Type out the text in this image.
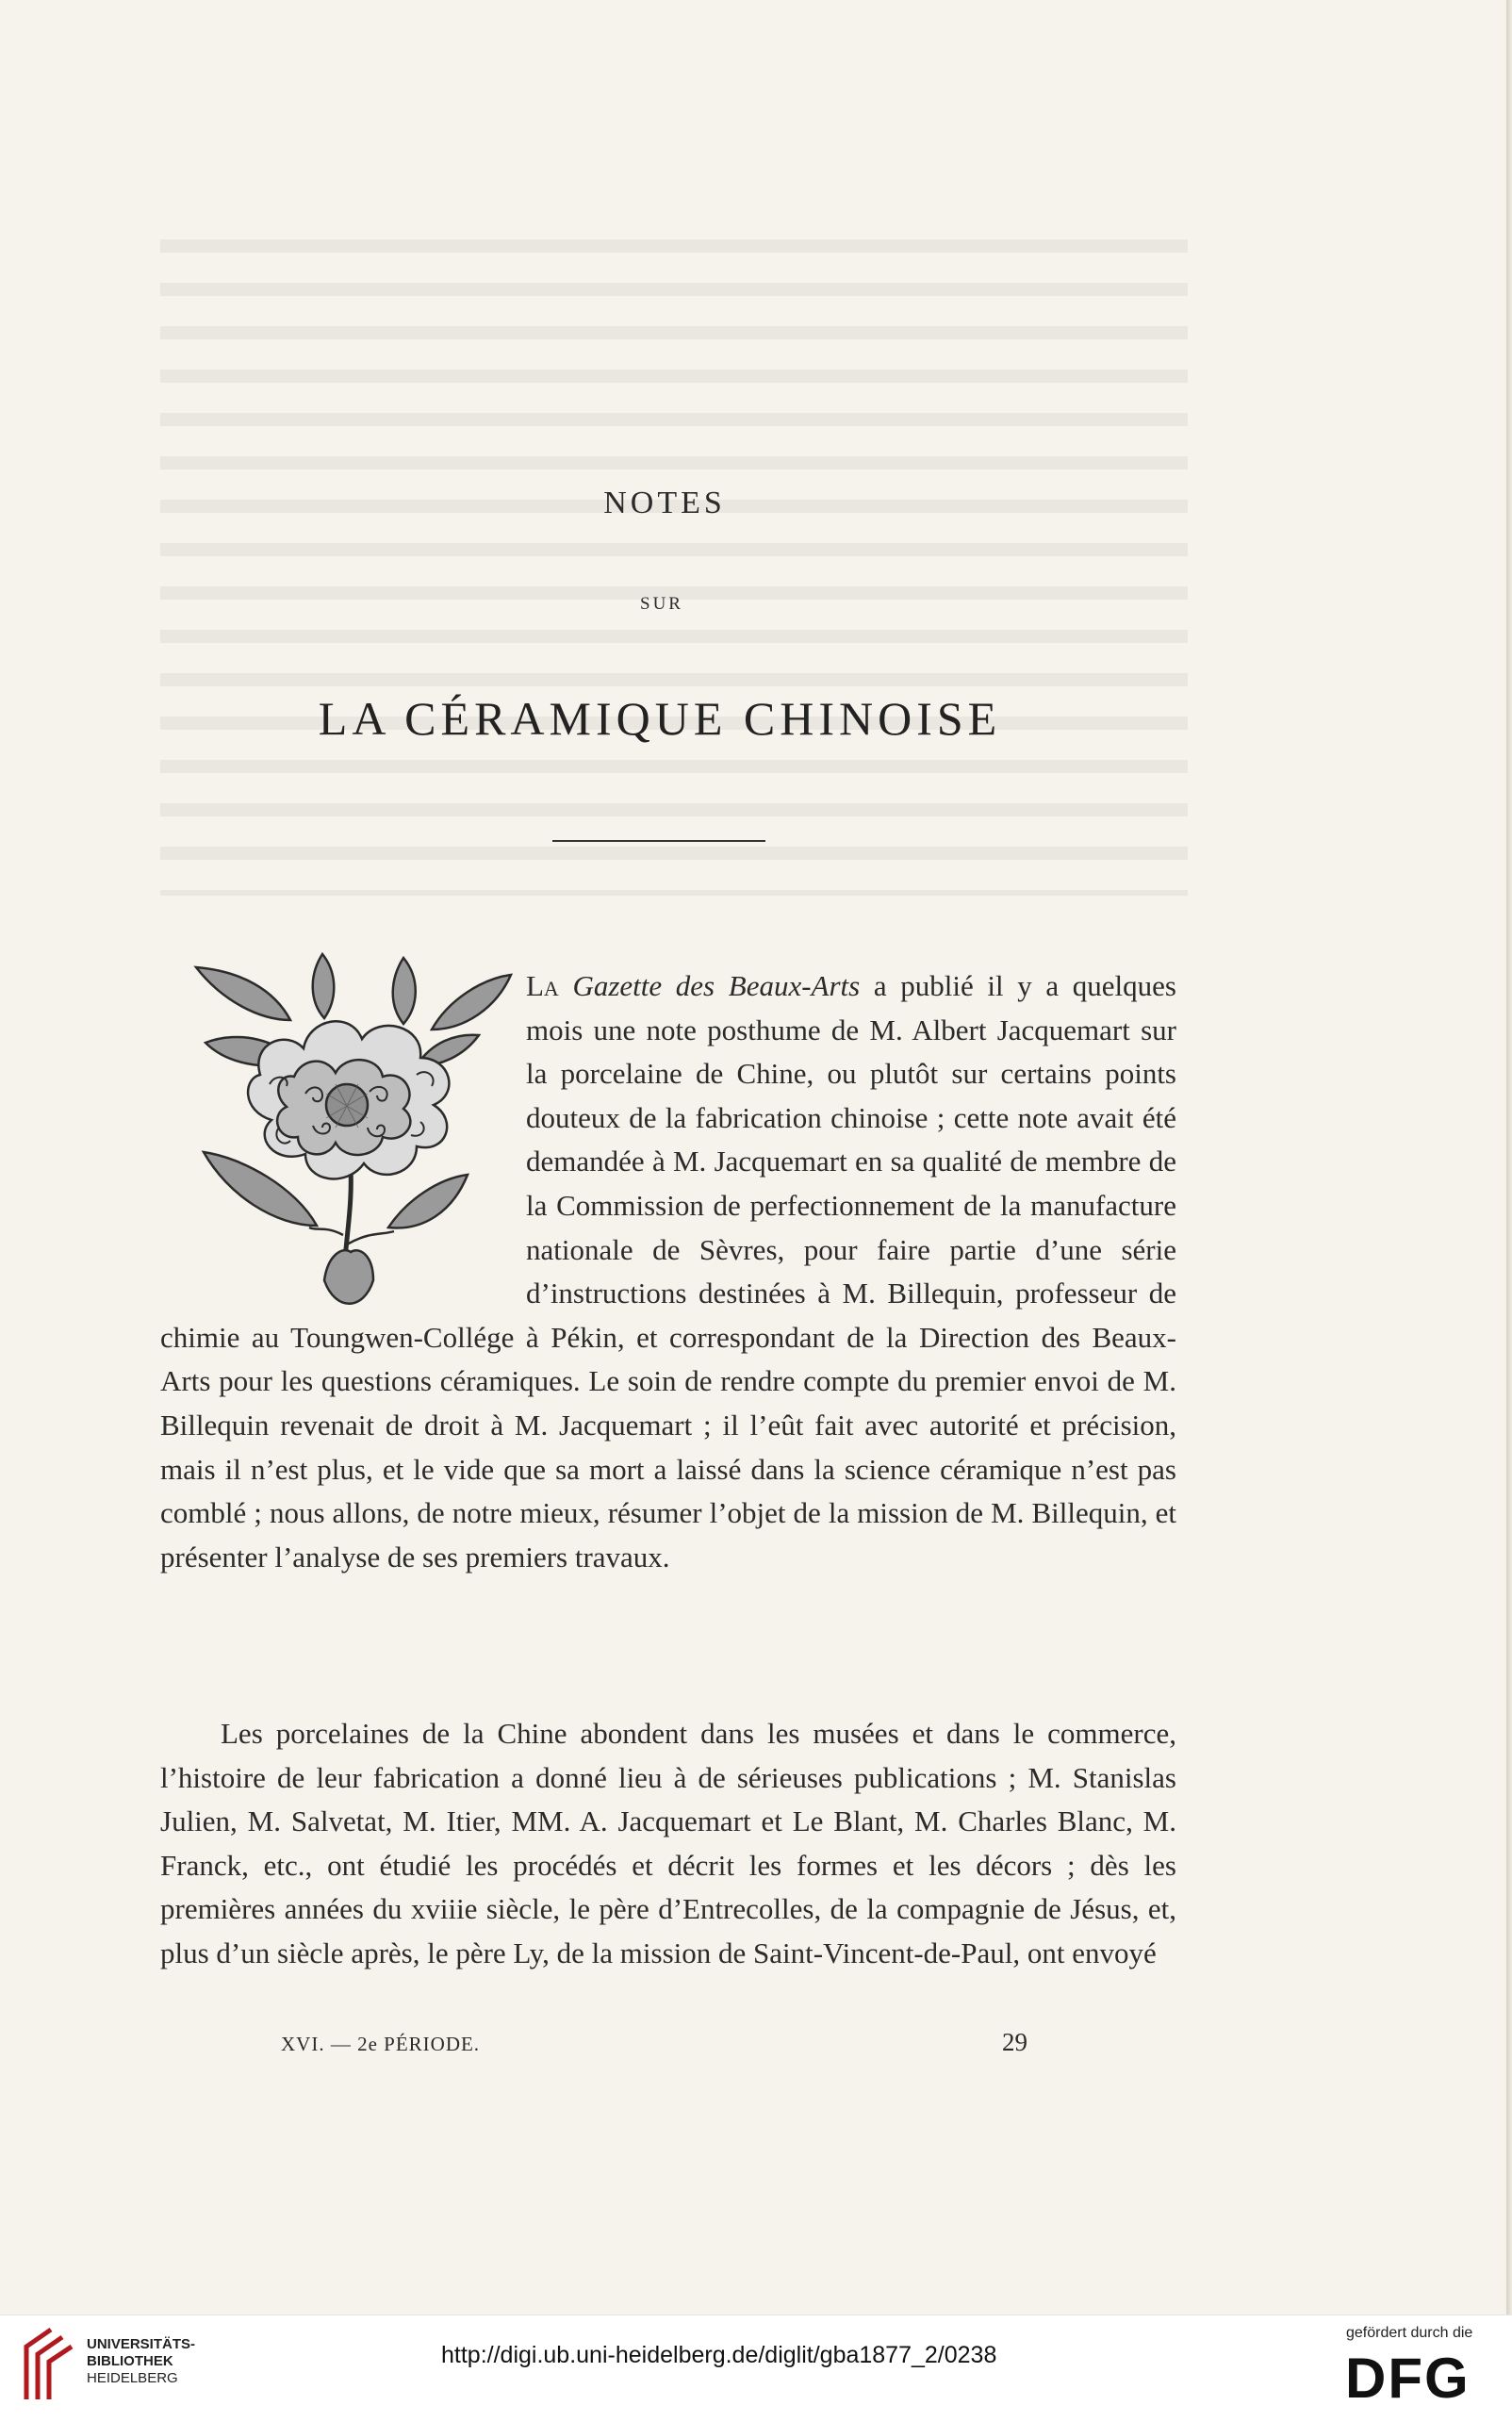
NOTES
SUR
LA CÉRAMIQUE CHINOISE
La Gazette des Beaux-Arts a publié il y a quelques mois une note posthume de M. Albert Jacquemart sur la porcelaine de Chine, ou plutôt sur certains points douteux de la fabrication chinoise ; cette note avait été demandée à M. Jacquemart en sa qualité de membre de la Commission de perfectionnement de la manufacture nationale de Sèvres, pour faire partie d’une série d’instructions destinées à M. Billequin, professeur de chimie au Toungwen-Collége à Pékin, et correspondant de la Direction des Beaux-Arts pour les questions céramiques. Le soin de rendre compte du premier envoi de M. Billequin revenait de droit à M. Jacquemart ; il l’eût fait avec autorité et précision, mais il n’est plus, et le vide que sa mort a laissé dans la science céramique n’est pas comblé ; nous allons, de notre mieux, résumer l’objet de la mission de M. Billequin, et présenter l’analyse de ses premiers travaux.
Les porcelaines de la Chine abondent dans les musées et dans le commerce, l’histoire de leur fabrication a donné lieu à de sérieuses publications ; M. Stanislas Julien, M. Salvetat, M. Itier, MM. A. Jacquemart et Le Blant, M. Charles Blanc, M. Franck, etc., ont étudié les procédés et décrit les formes et les décors ; dès les premières années du xviiie siècle, le père d’Entrecolles, de la compagnie de Jésus, et, plus d’un siècle après, le père Ly, de la mission de Saint-Vincent-de-Paul, ont envoyé
XVI. — 2e PÉRIODE.	29
UNIVERSITÄTS-
BIBLIOTHEK
HEIDELBERG
http://digi.ub.uni-heidelberg.de/diglit/gba1877_2/0238
gefördert durch die
DFG
